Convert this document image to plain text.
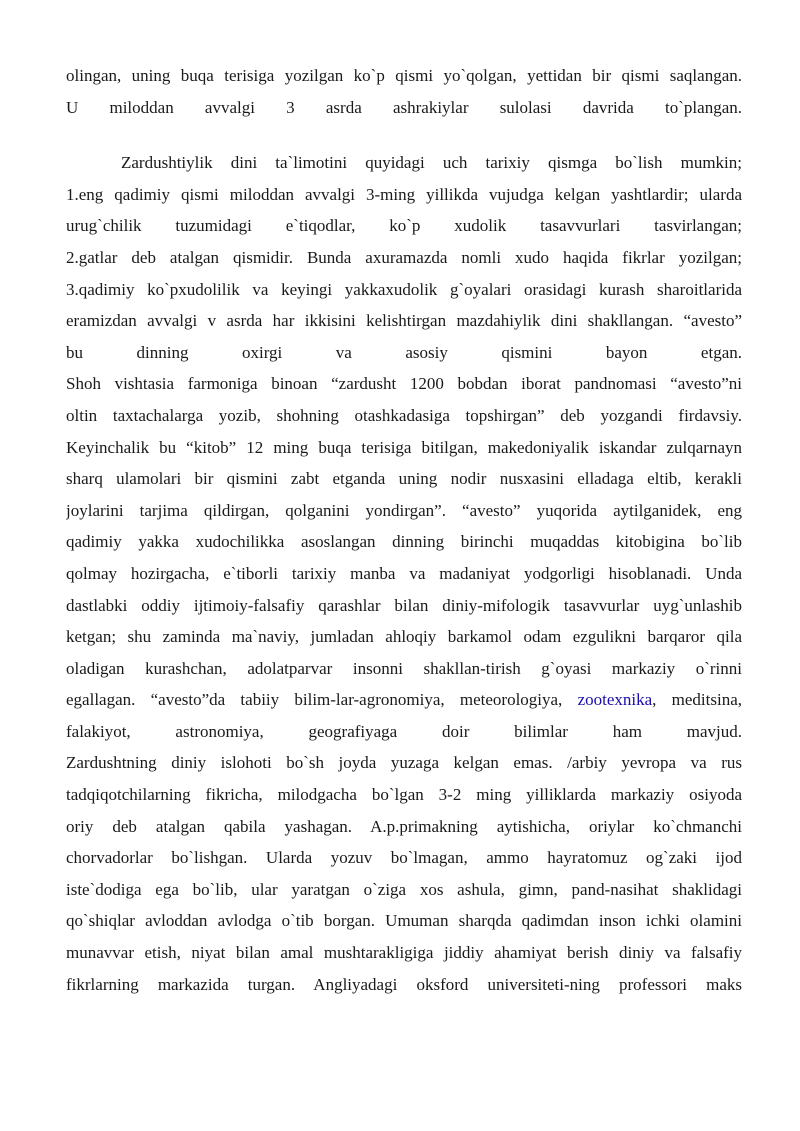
olingan, uning buqa terisiga yozilgan ko`p qismi yo`qolgan, yettidan bir qismi saqlangan.
U miloddan avvalgi 3 asrda ashrakiylar sulolasi davrida to`plangan.
Zardushtiylik dini ta`limotini quyidagi uch tarixiy qismga bo`lish mumkin;
1.eng qadimiy qismi miloddan avvalgi 3-ming yillikda vujudga kelgan yashtlardir; ularda
urug`chilik tuzumidagi e`tiqodlar, ko`p xudolik tasavvurlari tasvirlangan;
2.gatlar deb atalgan qismidir. Bunda axuramazda nomli xudo haqida fikrlar yozilgan;
3.qadimiy ko`pxudolilik va keyingi yakkaxudolik g`oyalari orasidagi kurash sharoitlarida
eramizdan avvalgi v asrda har ikkisini kelishtirgan mazdahiylik dini shakllangan. “avesto”
bu dinning oxirgi va asosiy qismini bayon etgan.
Shoh vishtasia farmoniga binoan “zardusht 1200 bobdan iborat pandnomasi “avesto”ni
oltin taxtachalarga yozib, shohning otashkadasiga topshirgan” deb yozgandi firdavsiy.
Keyinchalik bu “kitob” 12 ming buqa terisiga bitilgan, makedoniyalik iskandar zulqarnayn
sharq ulamolari bir qismini zabt etganda uning nodir nusxasini elladaga eltib, kerakli
joylarini tarjima qildirgan, qolganini yondirgan”. “avesto” yuqorida aytilganidek, eng
qadimiy yakka xudochilikka asoslangan dinning birinchi muqaddas kitobigina bo`lib
qolmay hozirgacha, e`tiborli tarixiy manba va madaniyat yodgorligi hisoblanadi. Unda
dastlabki oddiy ijtimoiy-falsafiy qarashlar bilan diniy-mifologik tasavvurlar uyg`unlashib
ketgan; shu zaminda ma`naviy, jumladan ahloqiy barkamol odam ezgulikni barqaror qila
oladigan kurashchan, adolatparvar insonni shakllan-tirish g`oyasi markaziy o`rinni
egallagan. “avesto”da tabiiy bilim-lar-agronomiya, meteorologiya, zootexnika, meditsina,
falakiyot, astronomiya, geografiyaga doir bilimlar ham mavjud.
Zardushtning diniy islohoti bo`sh joyda yuzaga kelgan emas. /arbiy yevropa va rus
tadqiqotchilarning fikricha, milodgacha bo`lgan 3-2 ming yilliklarda markaziy osiyoda
oriy deb atalgan qabila yashagan. A.p.primakning aytishicha, oriylar ko`chmanchi
chorvadorlar bo`lishgan. Ularda yozuv bo`lmagan, ammo hayratomuz og`zaki ijod
iste`dodiga ega bo`lib, ular yaratgan o`ziga xos ashula, gimn, pand-nasihat shaklidagi
qo`shiqlar avloddan avlodga o`tib borgan. Umuman sharqda qadimdan inson ichki olamini
munavvar etish, niyat bilan amal mushtarakligiga jiddiy ahamiyat berish diniy va falsafiy
fikrlarning markazida turgan. Angliyadagi oksford universiteti-ning professori maks
